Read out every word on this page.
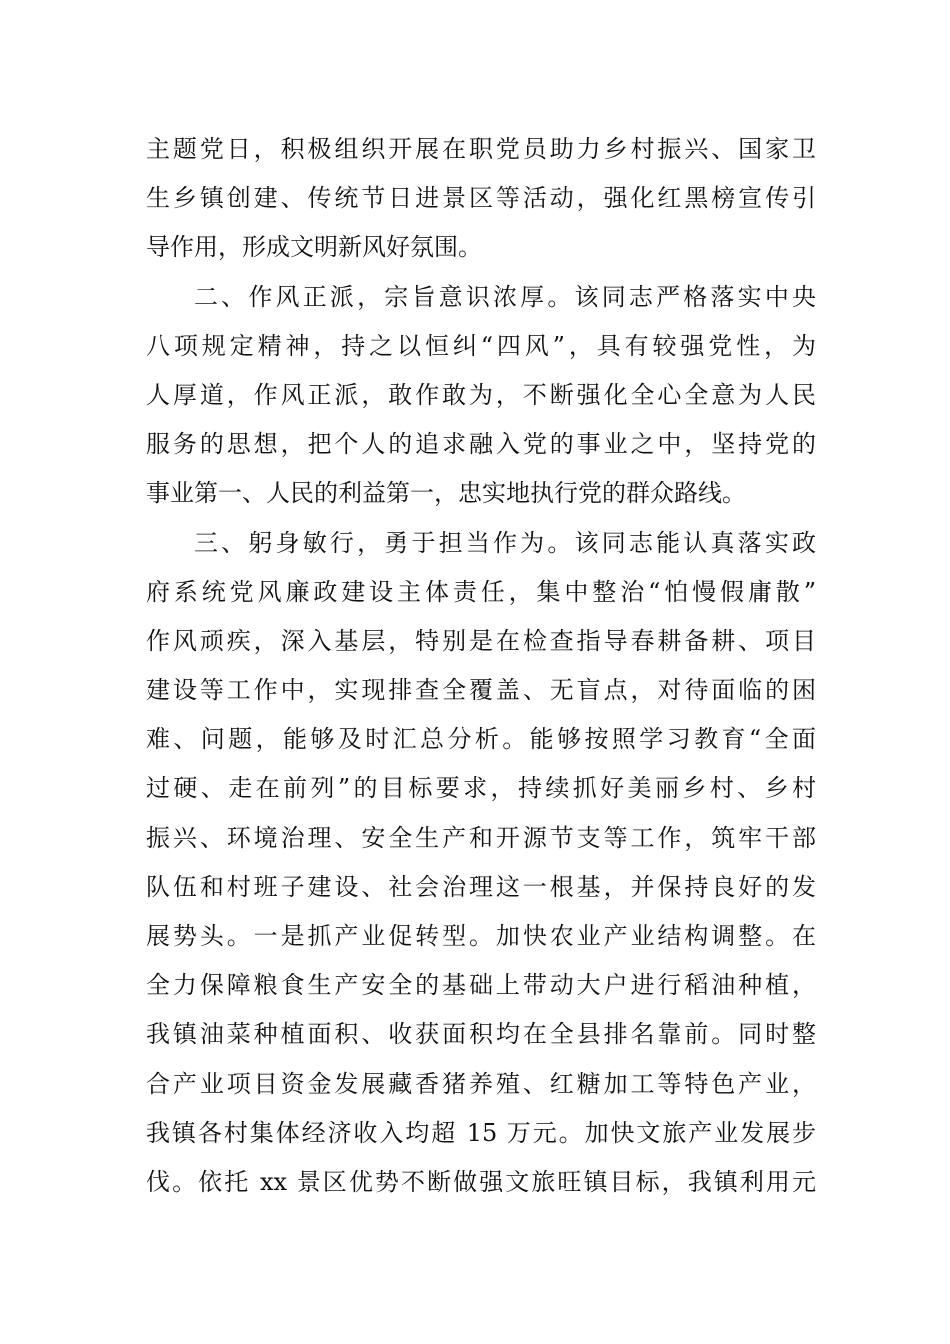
主题党日，积极组织开展在职党员助力乡村振兴、国家卫
生乡镇创建、传统节日进景区等活动，强化红黑榜宣传引
导作用，形成文明新风好氛围。
二、作风正派，宗旨意识浓厚。该同志严格落实中央
八项规定精神，持之以恒纠“四风”，具有较强党性，为
人厚道，作风正派，敢作敢为，不断强化全心全意为人民
服务的思想，把个人的追求融入党的事业之中，坚持党的
事业第一、人民的利益第一，忠实地执行党的群众路线。
三、躬身敏行，勇于担当作为。该同志能认真落实政
府系统党风廉政建设主体责任，集中整治“怕慢假庸散”
作风顽疾，深入基层，特别是在检查指导春耕备耕、项目
建设等工作中，实现排查全覆盖、无盲点，对待面临的困
难、问题，能够及时汇总分析。能够按照学习教育“全面
过硬、走在前列”的目标要求，持续抓好美丽乡村、乡村
振兴、环境治理、安全生产和开源节支等工作，筑牢干部
队伍和村班子建设、社会治理这一根基，并保持良好的发
展势头。一是抓产业促转型。加快农业产业结构调整。在
全力保障粮食生产安全的基础上带动大户进行稻油种植，
我镇油菜种植面积、收获面积均在全县排名靠前。同时整
合产业项目资金发展藏香猪养殖、红糖加工等特色产业，
我镇各村集体经济收入均超 15 万元。加快文旅产业发展步
伐。依托 xx 景区优势不断做强文旅旺镇目标，我镇利用元
